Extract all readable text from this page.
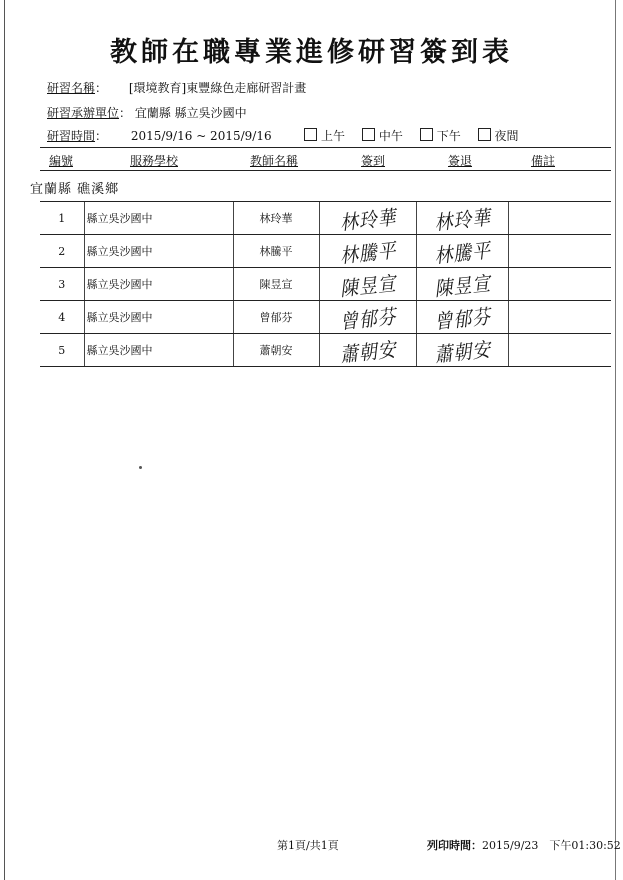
教師在職專業進修研習簽到表
研習名稱： [環境教育]東豐綠色走廊研習計畫
研習承辦單位： 宜蘭縣 縣立吳沙國中
研習時間： 2015/9/16 ~ 2015/9/16	上午	中午	下午	夜間
編號	服務學校	教師名稱	簽到	簽退	備註
宜蘭縣 礁溪鄉
1	縣立吳沙國中	林玲華	林玲華	林玲華	

2	縣立吳沙國中	林騰平	林騰平	林騰平	

3	縣立吳沙國中	陳昱宣	陳昱宣	陳昱宣	

4	縣立吳沙國中	曾郁芬	曾郁芬	曾郁芬	

5	縣立吳沙國中	蕭朝安	蕭朝安	蕭朝安	

第1頁/共1頁	列印時間：2015/9/23　下午01:30:52
